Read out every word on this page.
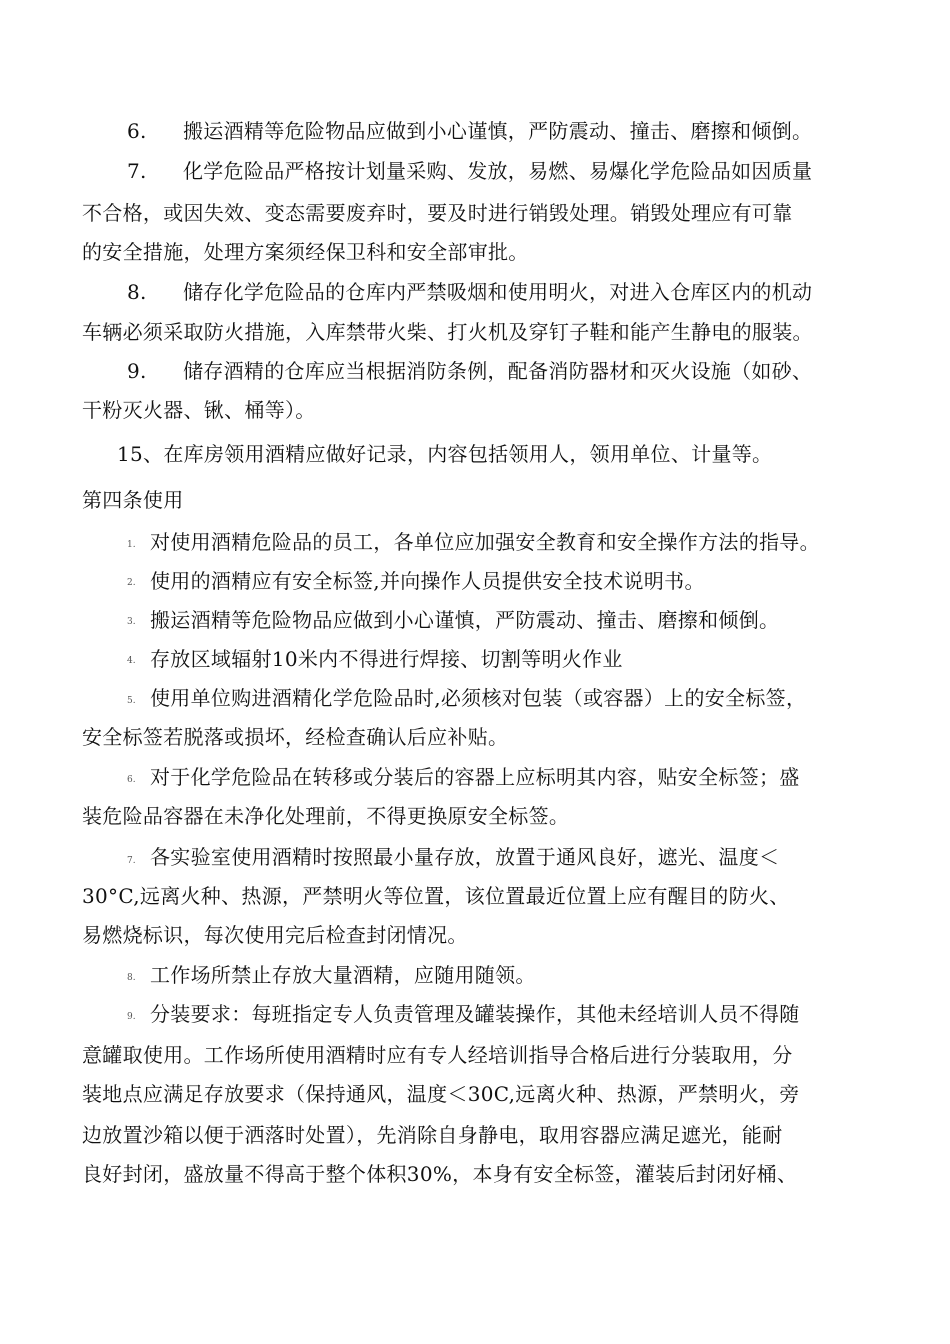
6. 搬运酒精等危险物品应做到小心谨慎，严防震动、撞击、磨擦和倾倒。
7. 化学危险品严格按计划量采购、发放，易燃、易爆化学危险品如因质量
不合格，或因失效、变态需要废弃时，要及时进行销毁处理。销毁处理应有可靠
的安全措施，处理方案须经保卫科和安全部审批。
8. 储存化学危险品的仓库内严禁吸烟和使用明火，对进入仓库区内的机动
车辆必须采取防火措施，入库禁带火柴、打火机及穿钉子鞋和能产生静电的服装。
9. 储存酒精的仓库应当根据消防条例，配备消防器材和灭火设施（如砂、
干粉灭火器、锹、桶等）。
15、在库房领用酒精应做好记录，内容包括领用人，领用单位、计量等。
第四条使用
1. 对使用酒精危险品的员工，各单位应加强安全教育和安全操作方法的指导。
2. 使用的酒精应有安全标签,并向操作人员提供安全技术说明书。
3. 搬运酒精等危险物品应做到小心谨慎，严防震动、撞击、磨擦和倾倒。
4. 存放区域辐射10米内不得进行焊接、切割等明火作业
5. 使用单位购进酒精化学危险品时,必须核对包装（或容器）上的安全标签，
安全标签若脱落或损坏，经检查确认后应补贴。
6. 对于化学危险品在转移或分装后的容器上应标明其内容，贴安全标签；盛
装危险品容器在未净化处理前，不得更换原安全标签。
7. 各实验室使用酒精时按照最小量存放，放置于通风良好，遮光、温度＜
30°C,远离火种、热源，严禁明火等位置，该位置最近位置上应有醒目的防火、
易燃烧标识，每次使用完后检查封闭情况。
8. 工作场所禁止存放大量酒精，应随用随领。
9. 分装要求：每班指定专人负责管理及罐装操作，其他未经培训人员不得随
意罐取使用。工作场所使用酒精时应有专人经培训指导合格后进行分装取用，分
装地点应满足存放要求（保持通风，温度＜30C,远离火种、热源，严禁明火，旁
边放置沙箱以便于洒落时处置），先消除自身静电，取用容器应满足遮光，能耐
良好封闭，盛放量不得高于整个体积30%，本身有安全标签，灌装后封闭好桶、
